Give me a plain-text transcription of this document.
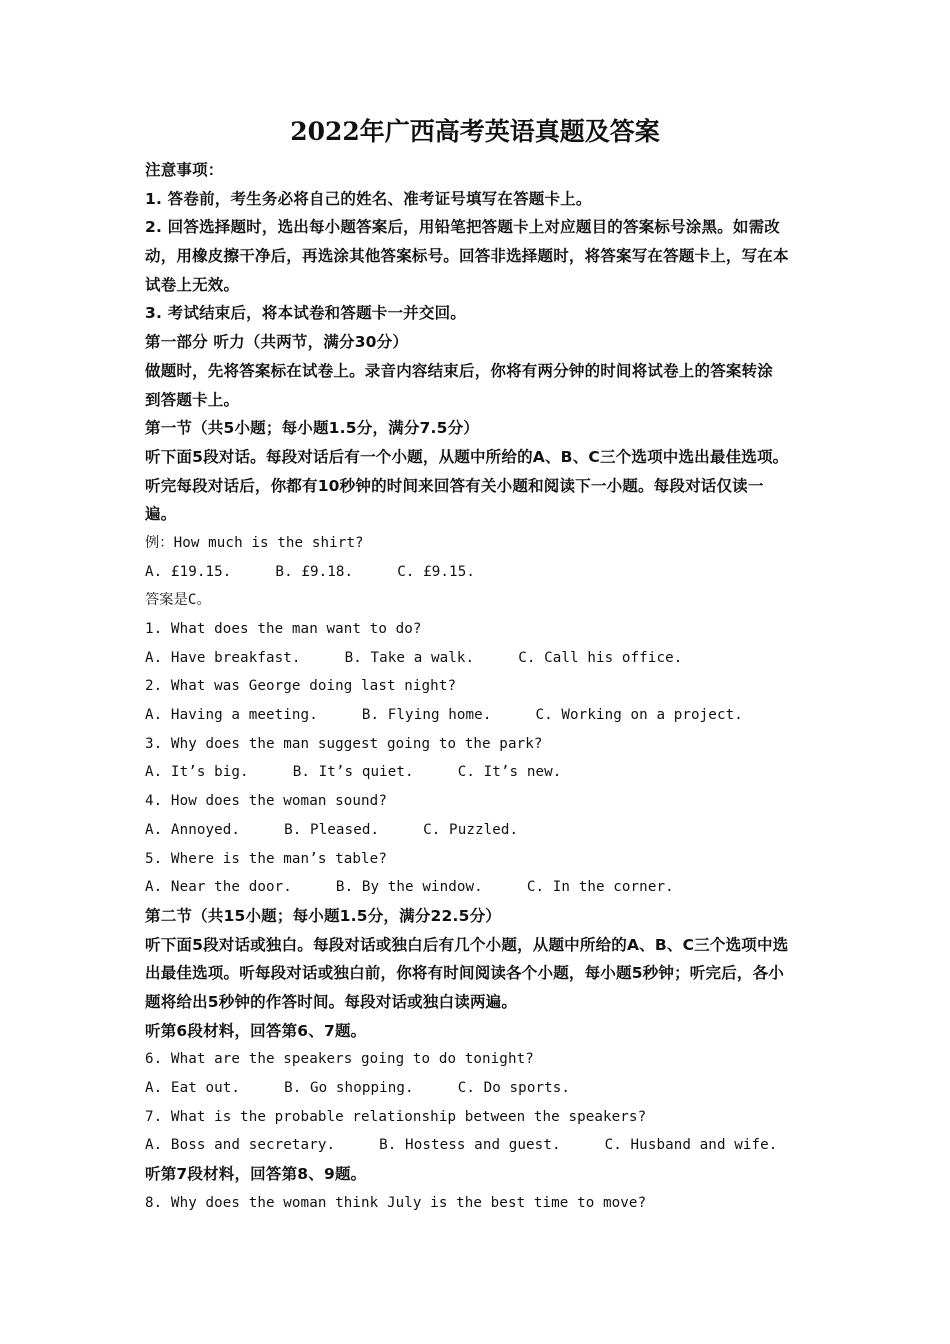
2022年广西高考英语真题及答案
注意事项：
1. 答卷前，考生务必将自己的姓名、准考证号填写在答题卡上。
2. 回答选择题时，选出每小题答案后，用铅笔把答题卡上对应题目的答案标号涂黑。如需改
动，用橡皮擦干净后，再选涂其他答案标号。回答非选择题时，将答案写在答题卡上，写在本
试卷上无效。
3. 考试结束后，将本试卷和答题卡一并交回。
第一部分 听力（共两节，满分30分）
做题时，先将答案标在试卷上。录音内容结束后，你将有两分钟的时间将试卷上的答案转涂
到答题卡上。
第一节（共5小题；每小题1.5分，满分7.5分）
听下面5段对话。每段对话后有一个小题，从题中所给的A、B、C三个选项中选出最佳选项。
听完每段对话后，你都有10秒钟的时间来回答有关小题和阅读下一小题。每段对话仅读一
遍。
例：How much is the shirt?
A. £19.15.	B. £9.18.	C. £9.15.
答案是C。
1. What does the man want to do?
A. Have breakfast.	B. Take a walk.	C. Call his office.
2. What was George doing last night?
A. Having a meeting.	B. Flying home.	C. Working on a project.
3. Why does the man suggest going to the park?
A. It’s big.	B. It’s quiet.	C. It’s new.
4. How does the woman sound?
A. Annoyed.	B. Pleased.	C. Puzzled.
5. Where is the man’s table?
A. Near the door.	B. By the window.	C. In the corner.
第二节（共15小题；每小题1.5分，满分22.5分）
听下面5段对话或独白。每段对话或独白后有几个小题，从题中所给的A、B、C三个选项中选
出最佳选项。听每段对话或独白前，你将有时间阅读各个小题，每小题5秒钟；听完后，各小
题将给出5秒钟的作答时间。每段对话或独白读两遍。
听第6段材料，回答第6、7题。
6. What are the speakers going to do tonight?
A. Eat out.	B. Go shopping.	C. Do sports.
7. What is the probable relationship between the speakers?
A. Boss and secretary.	B. Hostess and guest.	C. Husband and wife.
听第7段材料，回答第8、9题。
8. Why does the woman think July is the best time to move?
